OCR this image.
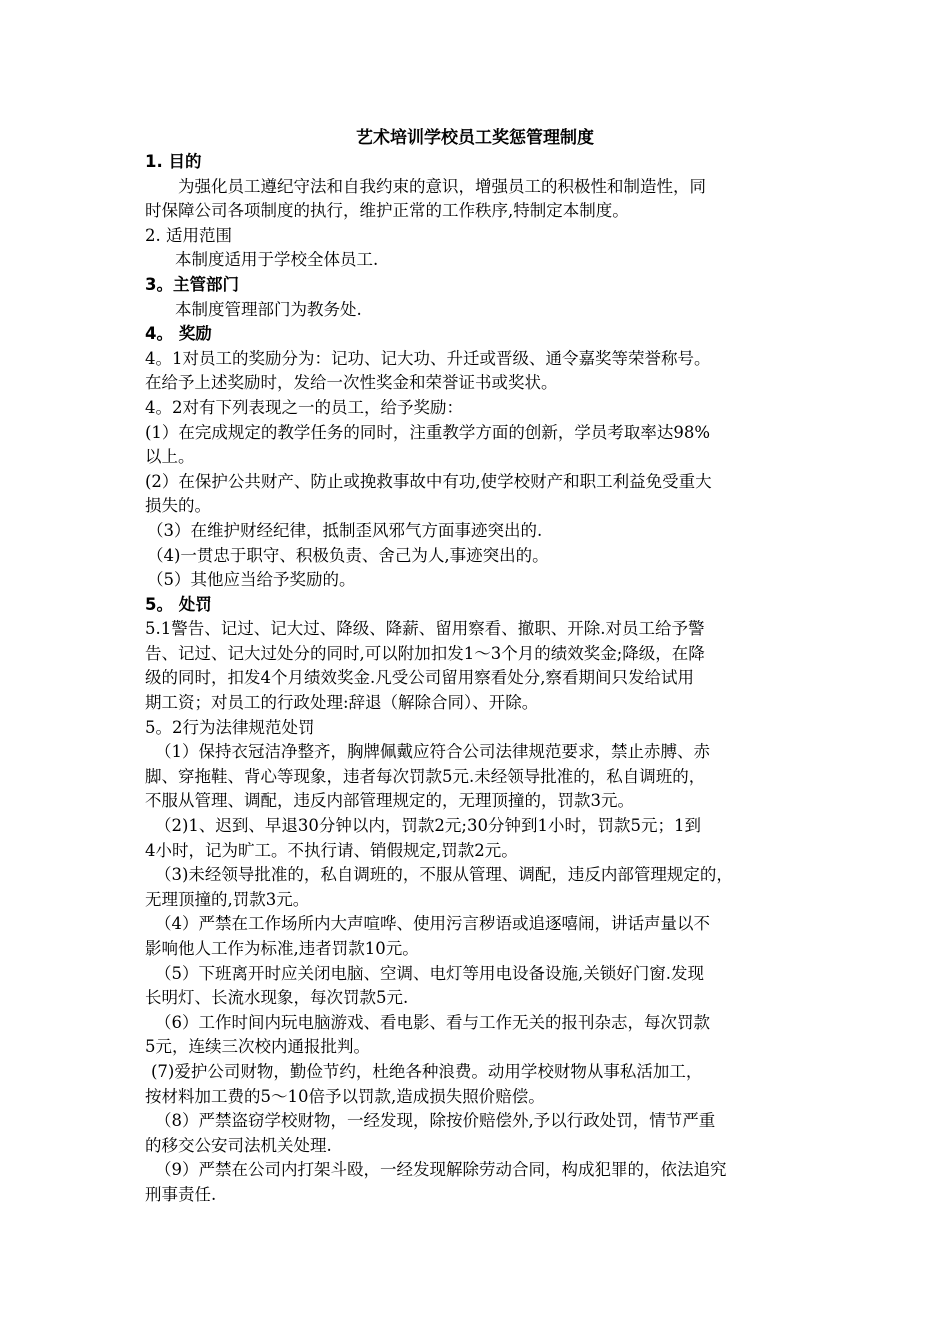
艺术培训学校员工奖惩管理制度
1. 目的
为强化员工遵纪守法和自我约束的意识，增强员工的积极性和制造性，同
时保障公司各项制度的执行，维护正常的工作秩序,特制定本制度。
2. 适用范围
本制度适用于学校全体员工.
3。主管部门
本制度管理部门为教务处.
4。 奖励
4。1对员工的奖励分为：记功、记大功、升迁或晋级、通令嘉奖等荣誉称号。
在给予上述奖励时，发给一次性奖金和荣誉证书或奖状。
4。2对有下列表现之一的员工，给予奖励：
(1）在完成规定的教学任务的同时，注重教学方面的创新，学员考取率达98%
以上。
(2）在保护公共财产、防止或挽救事故中有功,使学校财产和职工利益免受重大
损失的。
（3）在维护财经纪律，抵制歪风邪气方面事迹突出的.
（4)一贯忠于职守、积极负责、舍己为人,事迹突出的。
（5）其他应当给予奖励的。
5。 处罚
5.1警告、记过、记大过、降级、降薪、留用察看、撤职、开除.对员工给予警
告、记过、记大过处分的同时,可以附加扣发1～3个月的绩效奖金;降级，在降
级的同时，扣发4个月绩效奖金.凡受公司留用察看处分,察看期间只发给试用
期工资；对员工的行政处理:辞退（解除合同）、开除。
5。2行为法律规范处罚
（1）保持衣冠洁净整齐，胸牌佩戴应符合公司法律规范要求，禁止赤膊、赤
脚、穿拖鞋、背心等现象，违者每次罚款5元.未经领导批准的，私自调班的，
不服从管理、调配，违反内部管理规定的，无理顶撞的，罚款3元。
（2)1、迟到、早退30分钟以内，罚款2元;30分钟到1小时，罚款5元；1到
4小时，记为旷工。不执行请、销假规定,罚款2元。
（3)未经领导批准的，私自调班的，不服从管理、调配，违反内部管理规定的，
无理顶撞的,罚款3元。
（4）严禁在工作场所内大声喧哗、使用污言秽语或追逐嘻闹，讲话声量以不
影响他人工作为标准,违者罚款10元。
（5）下班离开时应关闭电脑、空调、电灯等用电设备设施,关锁好门窗.发现
长明灯、长流水现象，每次罚款5元.
（6）工作时间内玩电脑游戏、看电影、看与工作无关的报刊杂志，每次罚款
5元，连续三次校内通报批判。
(7)爱护公司财物，勤俭节约，杜绝各种浪费。动用学校财物从事私活加工，
按材料加工费的5～10倍予以罚款,造成损失照价赔偿。
（8）严禁盗窃学校财物，一经发现，除按价赔偿外,予以行政处罚，情节严重
的移交公安司法机关处理.
（9）严禁在公司内打架斗殴，一经发现解除劳动合同，构成犯罪的，依法追究
刑事责任.
